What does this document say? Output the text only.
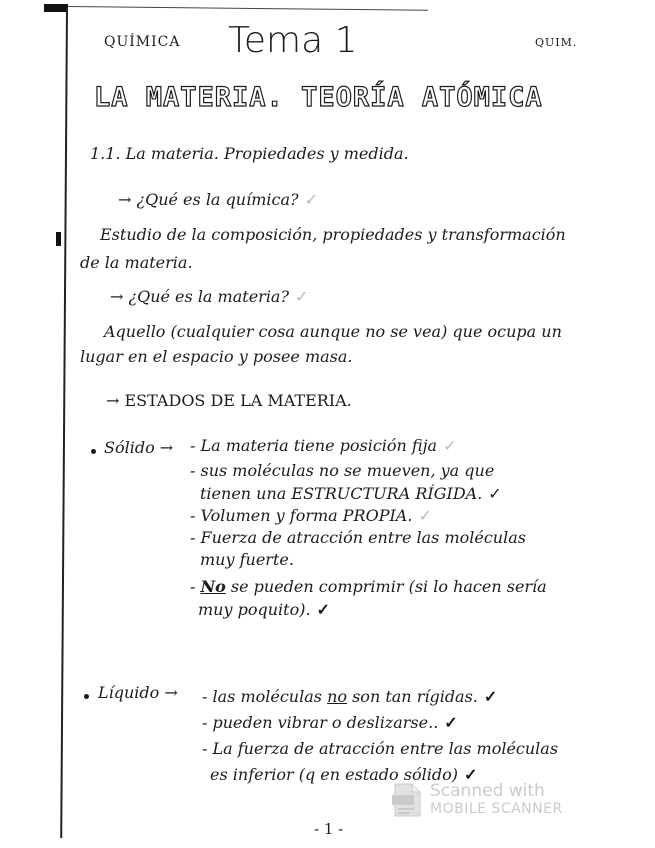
QUÍMICA Tema 1	QUIM.
LA MATERIA. TEORÍA ATÓMICA
1.1. La materia. Propiedades y medida.
→ ¿Qué es la química? ✓
Estudio de la composición, propiedades y transformación
de la materia.
→ ¿Qué es la materia? ✓
Aquello (cualquier cosa aunque no se vea) que ocupa un
lugar en el espacio y posee masa.
→ ESTADOS DE LA MATERIA.
Sólido → - La materia tiene posición fija ✓
- sus moléculas no se mueven, ya que
tienen una ESTRUCTURA RÍGIDA. ✓
- Volumen y forma PROPIA. ✓
- Fuerza de atracción entre las moléculas
muy fuerte.
- No se pueden comprimir (si lo hacen sería
muy poquito). ✓
Líquido → - las moléculas no son tan rígidas. ✓
- pueden vibrar o deslizarse.. ✓
- La fuerza de atracción entre las moléculas
es inferior (q en estado sólido) ✓
Scanned with
MOBILE SCANNER
- 1 -
